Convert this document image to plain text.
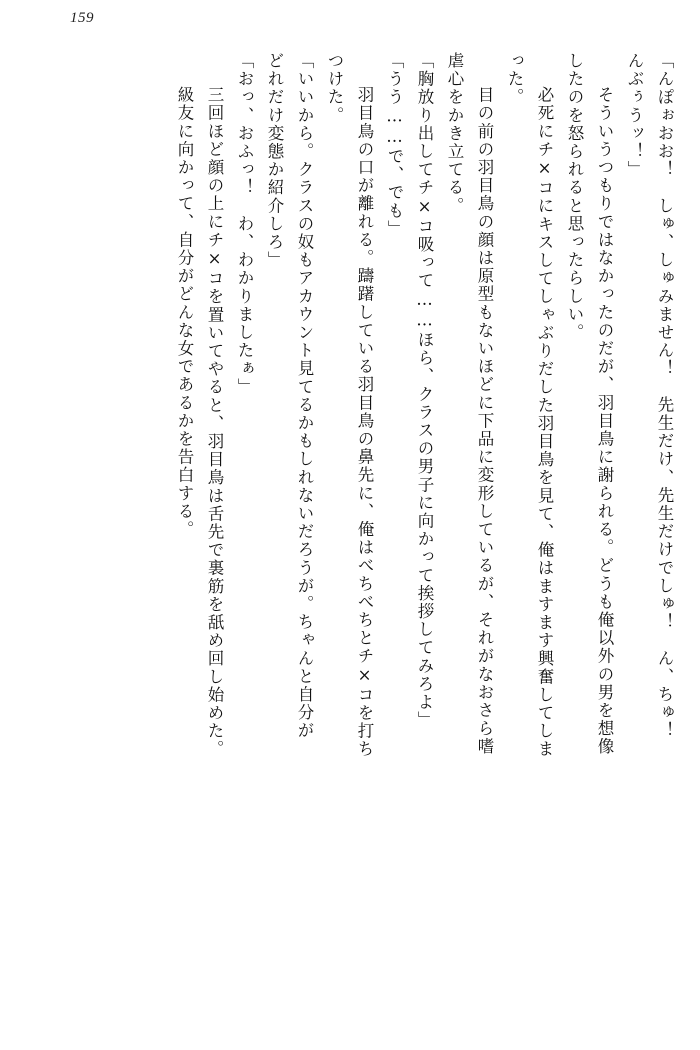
159
「んぽぉおお！　しゅ、しゅみません！　先生だけ、先生だけでしゅ！　ん、ちゅ！
んぶぅうッ！」
　そういうつもりではなかったのだが、羽目鳥に謝られる。どうも俺以外の男を想像
したのを怒られると思ったらしい。
　必死にチ×コにキスしてしゃぶりだした羽目鳥を見て、俺はますます興奮してしま
った。
　目の前の羽目鳥の顔は原型もないほどに下品に変形しているが、それがなおさら嗜
虐心をかき立てる。
「胸放り出してチ×コ吸って……ほら、クラスの男子に向かって挨拶してみろよ」
「うう……で、でも」
　羽目鳥の口が離れる。躊躇している羽目鳥の鼻先に、俺はべちべちとチ×コを打ち
つけた。
「いいから。クラスの奴もアカウント見てるかもしれないだろうが。ちゃんと自分が
どれだけ変態か紹介しろ」
「おっ、おふっ！　わ、わかりましたぁ」
　三回ほど顔の上にチ×コを置いてやると、羽目鳥は舌先で裏筋を舐め回し始めた。
　級友に向かって、自分がどんな女であるかを告白する。
